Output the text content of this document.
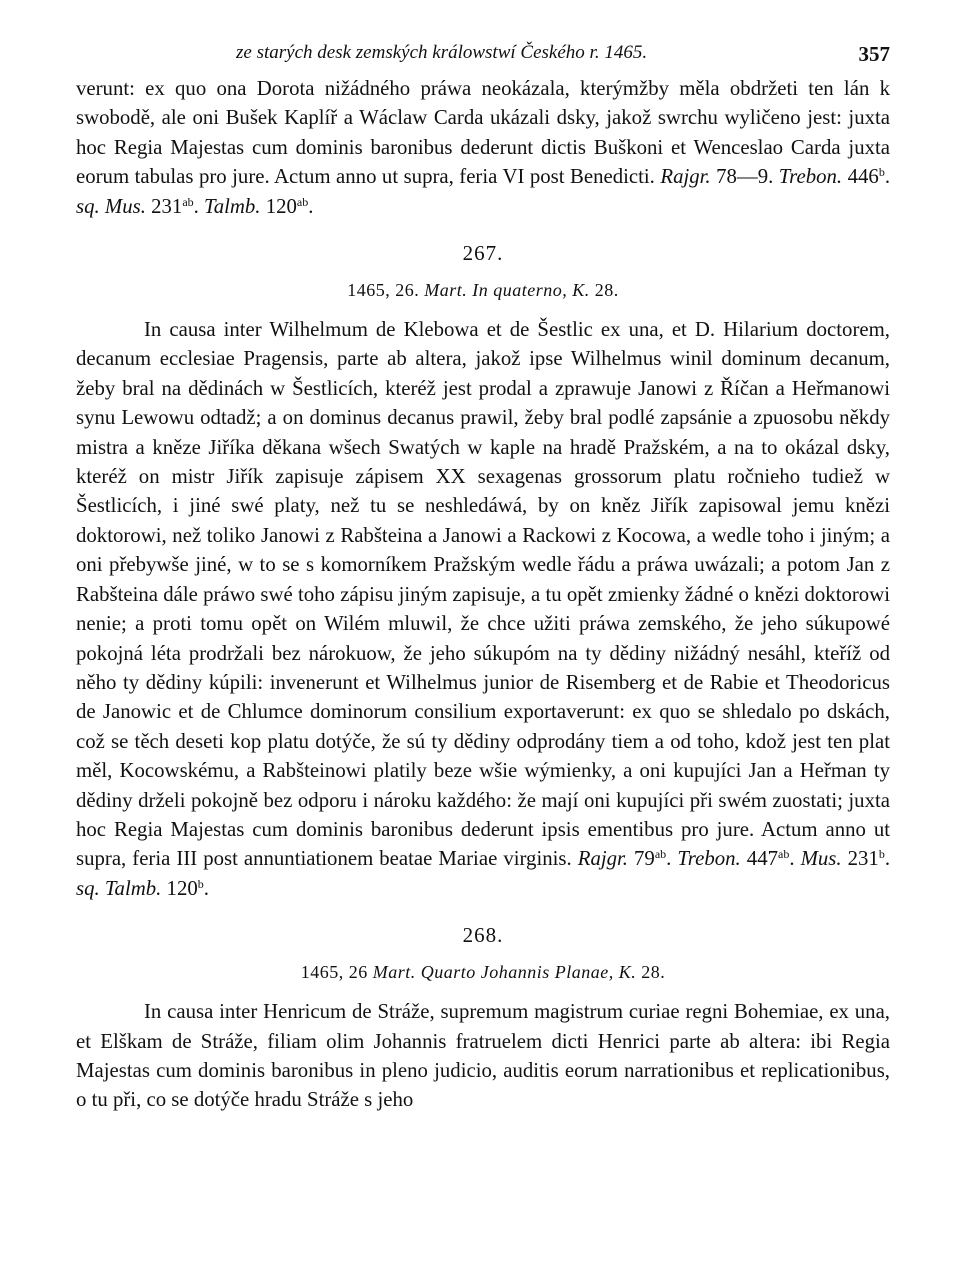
ze starých desk zemských králowstwí Českého r. 1465.	357

verunt: ex quo ona Dorota nižádného práwa neokázala, kterýmžby měla obdržeti ten lán k swobodě, ale oni Bušek Kaplíř a Wáclaw Carda ukázali dsky, jakož swrchu wyličeno jest: juxta hoc Regia Majestas cum dominis baronibus dederunt dictis Buškoni et Wenceslao Carda juxta eorum tabulas pro jure. Actum anno ut supra, feria VI post Benedicti. Rajgr. 78—9. Trebon. 446$^b$. sq. Mus. $231^{ab}$. Talmb. $120^{ab}$.

267.
1465, 26. Mart. In quaterno, K. 28.

In causa inter Wilhelmum de Klebowa et de Šestlic ex una, et D. Hilarium doctorem, decanum ecclesiae Pragensis, parte ab altera, jakož ipse Wilhelmus winil dominum decanum, žeby bral na dědinách w Šestlicích, kteréž jest prodal a zprawuje Janowi z Říčan a Heřmanowi synu Lewowu odtadž; a on dominus decanus prawil, žeby bral podlé zapsánie a zpuosobu někdy mistra a kněze Jiříka děkana wšech Swatých w kaple na hradě Pražském, a na to okázal dsky, kteréž on mistr Jiřík zapisuje zápisem XX sexagenas grossorum platu ročnieho tudiež w Šestlicích, i jiné swé platy, než tu se neshledáwá, by on kněz Jiřík zapisowal jemu knězi doktorowi, než toliko Janowi z Rabšteina a Janowi a Rackowi z Kocowa, a wedle toho i jiným; a oni přebywše jiné, w to se s komorníkem Pražským wedle řádu a práwa uwázali; a potom Jan z Rabšteina dále práwo swé toho zápisu jiným zapisuje, a tu opět zmienky žádné o knězi doktorowi nenie; a proti tomu opět on Wilém mluwil, že chce užiti práwa zemského, že jeho súkupowé pokojná léta prodržali bez nárokuow, že jeho súkupóm na ty dědiny nižádný nesáhl, kteříž od něho ty dědiny kúpili: invenerunt et Wilhelmus junior de Risemberg et de Rabie et Theodoricus de Janowic et de Chlumce dominorum consilium exportaverunt: ex quo se shledalo po dskách, což se těch deseti kop platu dotýče, že sú ty dědiny odprodány tiem a od toho, kdož jest ten plat měl, Kocowskému, a Rabšteinowi platily beze wšie wýmienky, a oni kupujíci Jan a Heřman ty dědiny drželi pokojně bez odporu i nároku každého: že mají oni kupujíci při swém zuostati; juxta hoc Regia Majestas cum dominis baronibus dederunt ipsis ementibus pro jure. Actum anno ut supra, feria III post annuntiationem beatae Mariae virginis. Rajgr. $79^{ab}$. Trebon. $447^{ab}$. Mus. 231$^b$. sq. Talmb. 120$^b$.

268.
1465, 26 Mart. Quarto Johannis Planae, K. 28.

In causa inter Henricum de Stráže, supremum magistrum curiae regni Bohemiae, ex una, et Elškam de Stráže, filiam olim Johannis fratruelem dicti Henrici parte ab altera: ibi Regia Majestas cum dominis baronibus in pleno judicio, auditis eorum narrationibus et replicationibus, o tu při, co se dotýče hradu Stráže s jeho
